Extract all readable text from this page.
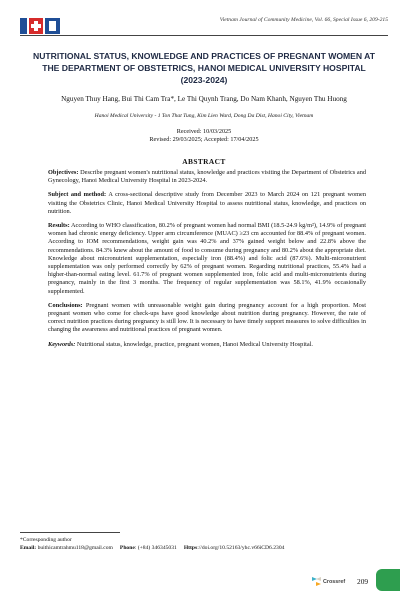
Vietnam Journal of Community Medicine, Vol. 66, Special Issue 6, 209-215
NUTRITIONAL STATUS, KNOWLEDGE AND PRACTICES OF PREGNANT WOMEN AT THE DEPARTMENT OF OBSTETRICS, HANOI MEDICAL UNIVERSITY HOSPITAL (2023-2024)
Nguyen Thuy Hang, Bui Thi Cam Tra*, Le Thi Quynh Trang, Do Nam Khanh, Nguyen Thu Huong
Hanoi Medical University - 1 Ton That Tung, Kim Lien Ward, Dong Da Dist, Hanoi City, Vietnam
Received: 10/03/2025
Revised: 29/03/2025; Accepted: 17/04/2025
ABSTRACT

Objectives: Describe pregnant women's nutritional status, knowledge and practices visiting the Department of Obstetrics and Gynecology, Hanoi Medical University Hospital in 2023-2024.

Subject and method: A cross-sectional descriptive study from December 2023 to March 2024 on 121 pregnant women visiting the Obstetrics Clinic, Hanoi Medical University Hospital to assess nutritional status, knowledge, and practices on nutrition.

Results: According to WHO classification, 80.2% of pregnant women had normal BMI (18.5-24.9 kg/m²), 14.9% of pregnant women had chronic energy deficiency. Upper arm circumference (MUAC) ≥23 cm accounted for 88.4% of pregnant women. According to IOM recommendations, weight gain was 40.2% and 37% gained weight below and 22.8% above the recommendations. 84.3% knew about the amount of food to consume during pregnancy and 80.2% about the appropriate diet. Knowledge about micronutrient supplementation, especially iron (88.4%) and folic acid (87.6%). Multi-micronutrient supplementation was only performed correctly by 62% of pregnant women. Regarding nutritional practices, 55.4% had a higher-than-normal eating level. 61.7% of pregnant women supplemented iron, folic acid and multi-micronutrients during pregnancy, mainly in the first 3 months. The frequency of regular supplementation was 58.1%, 41.9% occasionally supplemented.

Conclusions: Pregnant women with unreasonable weight gain during pregnancy account for a high proportion. Most pregnant women who come for check-ups have good knowledge about nutrition during pregnancy. However, the rate of correct nutrition practices during pregnancy is still low. It is necessary to have timely support measures to solve difficulties in changing the awareness and nutritional practices of pregnant women.

Keywords: Nutritional status, knowledge, practice, pregnant women, Hanoi Medical University Hospital.

*Corresponding author
Email: buithicamtrahmu118@gmail.com Phone: (+84) 346345031 Https://doi.org/10.52163/yhc.v66iCD6.2304
Crossref 209
